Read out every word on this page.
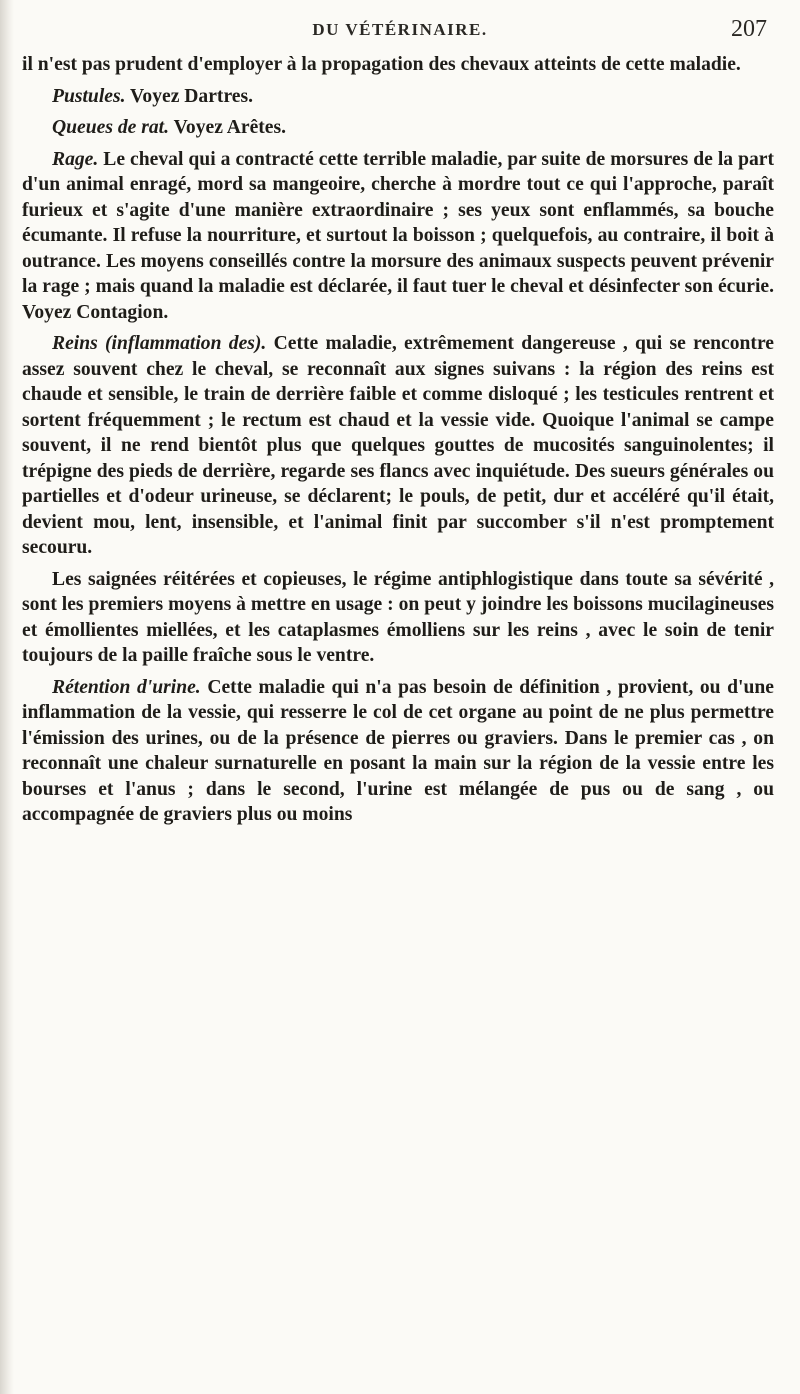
DU VÉTÉRINAIRE.	207

il n'est pas prudent d'employer à la propagation des chevaux atteints de cette maladie.

Pustules. Voyez Dartres.

Queues de rat. Voyez Arêtes.

Rage. Le cheval qui a contracté cette terrible maladie, par suite de morsures de la part d'un animal enragé, mord sa mangeoire, cherche à mordre tout ce qui l'approche, paraît furieux et s'agite d'une manière extraordinaire ; ses yeux sont enflammés, sa bouche écumante. Il refuse la nourriture, et surtout la boisson ; quelquefois, au contraire, il boit à outrance. Les moyens conseillés contre la morsure des animaux suspects peuvent prévenir la rage ; mais quand la maladie est déclarée, il faut tuer le cheval et désinfecter son écurie. Voyez Contagion.

Reins (inflammation des). Cette maladie, extrêmement dangereuse , qui se rencontre assez souvent chez le cheval, se reconnaît aux signes suivans : la région des reins est chaude et sensible, le train de derrière faible et comme disloqué ; les testicules rentrent et sortent fréquemment ; le rectum est chaud et la vessie vide. Quoique l'animal se campe souvent, il ne rend bientôt plus que quelques gouttes de mucosités sanguinolentes; il trépigne des pieds de derrière, regarde ses flancs avec inquiétude. Des sueurs générales ou partielles et d'odeur urineuse, se déclarent; le pouls, de petit, dur et accéléré qu'il était, devient mou, lent, insensible, et l'animal finit par succomber s'il n'est promptement secouru.

Les saignées réitérées et copieuses, le régime antiphlogistique dans toute sa sévérité , sont les premiers moyens à mettre en usage : on peut y joindre les boissons mucilagineuses et émollientes miellées, et les cataplasmes émolliens sur les reins , avec le soin de tenir toujours de la paille fraîche sous le ventre.

Rétention d'urine. Cette maladie qui n'a pas besoin de définition , provient, ou d'une inflammation de la vessie, qui resserre le col de cet organe au point de ne plus permettre l'émission des urines, ou de la présence de pierres ou graviers. Dans le premier cas , on reconnaît une chaleur surnaturelle en posant la main sur la région de la vessie entre les bourses et l'anus ; dans le second, l'urine est mélangée de pus ou de sang , ou accompagnée de graviers plus ou moins
